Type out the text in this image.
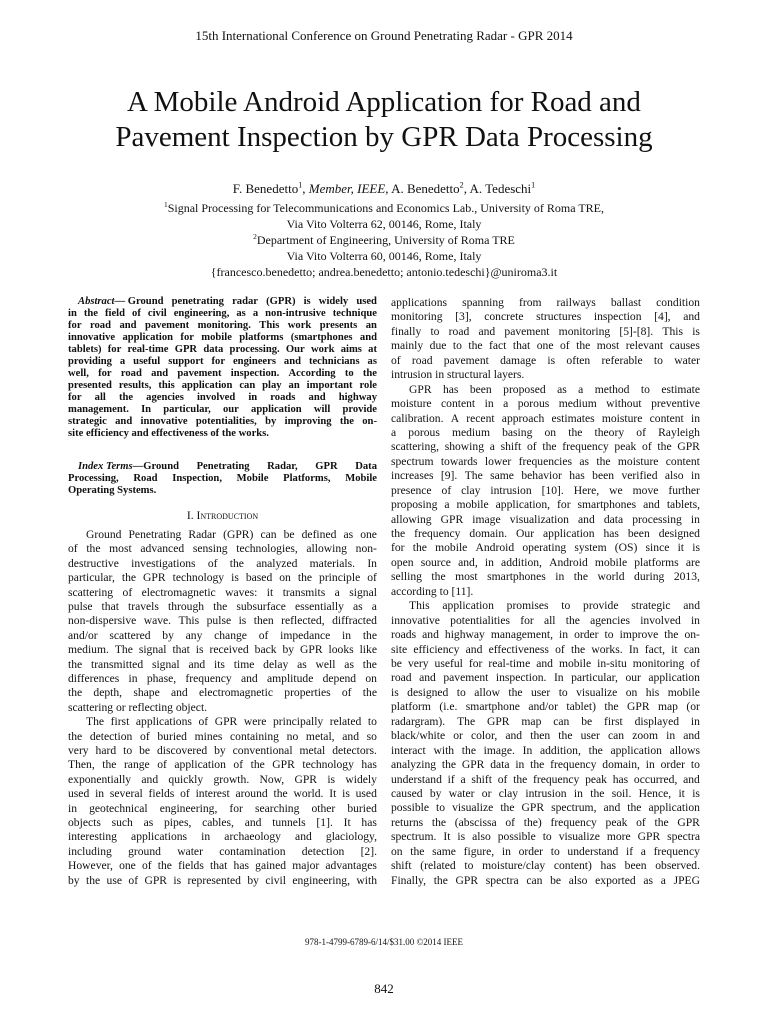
15th International Conference on Ground Penetrating Radar - GPR 2014
A Mobile Android Application for Road and
Pavement Inspection by GPR Data Processing
F. Benedetto$^1$, Member, IEEE, A. Benedetto$^2$, A. Tedeschi$^1$
$^1$Signal Processing for Telecommunications and Economics Lab., University of Roma TRE,
Via Vito Volterra 62, 00146, Rome, Italy
$^2$Department of Engineering, University of Roma TRE
Via Vito Volterra 60, 00146, Rome, Italy
{francesco.benedetto; andrea.benedetto; antonio.tedeschi}@uniroma3.it
Abstract— Ground penetrating radar (GPR) is widely used
in the field of civil engineering, as a non-intrusive technique
for road and pavement monitoring. This work presents an
innovative application for mobile platforms (smartphones and
tablets) for real-time GPR data processing. Our work aims at
providing a useful support for engineers and technicians as
well, for road and pavement inspection. According to the
presented results, this application can play an important role
for all the agencies involved in roads and highway
management. In particular, our application will provide
strategic and innovative potentialities, by improving the on-
site efficiency and effectiveness of the works.
Index Terms—Ground Penetrating Radar, GPR Data
Processing, Road Inspection, Mobile Platforms, Mobile
Operating Systems.
I. Introduction
Ground Penetrating Radar (GPR) can be defined as one
of the most advanced sensing technologies, allowing non-
destructive investigations of the analyzed materials. In
particular, the GPR technology is based on the principle of
scattering of electromagnetic waves: it transmits a signal
pulse that travels through the subsurface essentially as a
non-dispersive wave. This pulse is then reflected, diffracted
and/or scattered by any change of impedance in the
medium. The signal that is received back by GPR looks like
the transmitted signal and its time delay as well as the
differences in phase, frequency and amplitude depend on
the depth, shape and electromagnetic properties of the
scattering or reflecting object.
The first applications of GPR were principally related to
the detection of buried mines containing no metal, and so
very hard to be discovered by conventional metal detectors.
Then, the range of application of the GPR technology has
exponentially and quickly growth. Now, GPR is widely
used in several fields of interest around the world. It is used
in geotechnical engineering, for searching other buried
objects such as pipes, cables, and tunnels [1]. It has
interesting applications in archaeology and glaciology,
including ground water contamination detection [2].
However, one of the fields that has gained major advantages
by the use of GPR is represented by civil engineering, with
applications spanning from railways ballast condition
monitoring [3], concrete structures inspection [4], and
finally to road and pavement monitoring [5]-[8]. This is
mainly due to the fact that one of the most relevant causes
of road pavement damage is often referable to water
intrusion in structural layers.
GPR has been proposed as a method to estimate
moisture content in a porous medium without preventive
calibration. A recent approach estimates moisture content in
a porous medium basing on the theory of Rayleigh
scattering, showing a shift of the frequency peak of the GPR
spectrum towards lower frequencies as the moisture content
increases [9]. The same behavior has been verified also in
presence of clay intrusion [10]. Here, we move further
proposing a mobile application, for smartphones and tablets,
allowing GPR image visualization and data processing in
the frequency domain. Our application has been designed
for the mobile Android operating system (OS) since it is
open source and, in addition, Android mobile platforms are
selling the most smartphones in the world during 2013,
according to [11].
This application promises to provide strategic and
innovative potentialities for all the agencies involved in
roads and highway management, in order to improve the on-
site efficiency and effectiveness of the works. In fact, it can
be very useful for real-time and mobile in-situ monitoring of
road and pavement inspection. In particular, our application
is designed to allow the user to visualize on his mobile
platform (i.e. smartphone and/or tablet) the GPR map (or
radargram). The GPR map can be first displayed in
black/white or color, and then the user can zoom in and
interact with the image. In addition, the application allows
analyzing the GPR data in the frequency domain, in order to
understand if a shift of the frequency peak has occurred, and
caused by water or clay intrusion in the soil. Hence, it is
possible to visualize the GPR spectrum, and the application
returns the (abscissa of the) frequency peak of the GPR
spectrum. It is also possible to visualize more GPR spectra
on the same figure, in order to understand if a frequency
shift (related to moisture/clay content) has been observed.
Finally, the GPR spectra can be also exported as a JPEG
978-1-4799-6789-6/14/$31.00 ©2014 IEEE
842
